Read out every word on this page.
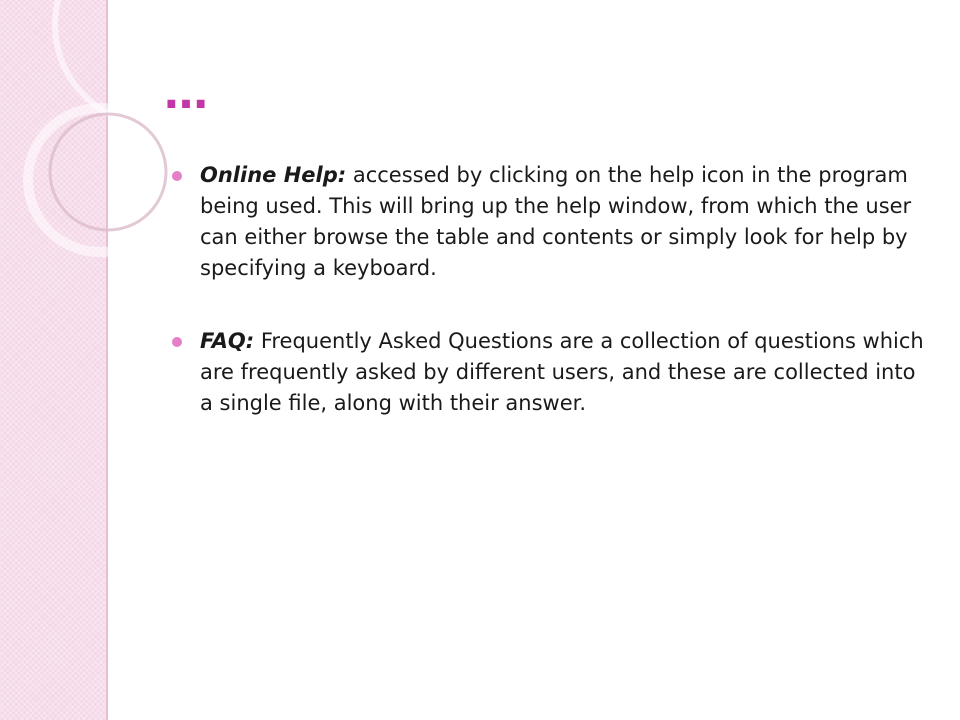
…
Online Help: accessed by clicking on the help icon in the program being used. This will bring up the help window, from which the user can either browse the table and contents or simply look for help by specifying a keyboard.
FAQ: Frequently Asked Questions are a collection of questions which are frequently asked by different users, and these are collected into a single file, along with their answer.
